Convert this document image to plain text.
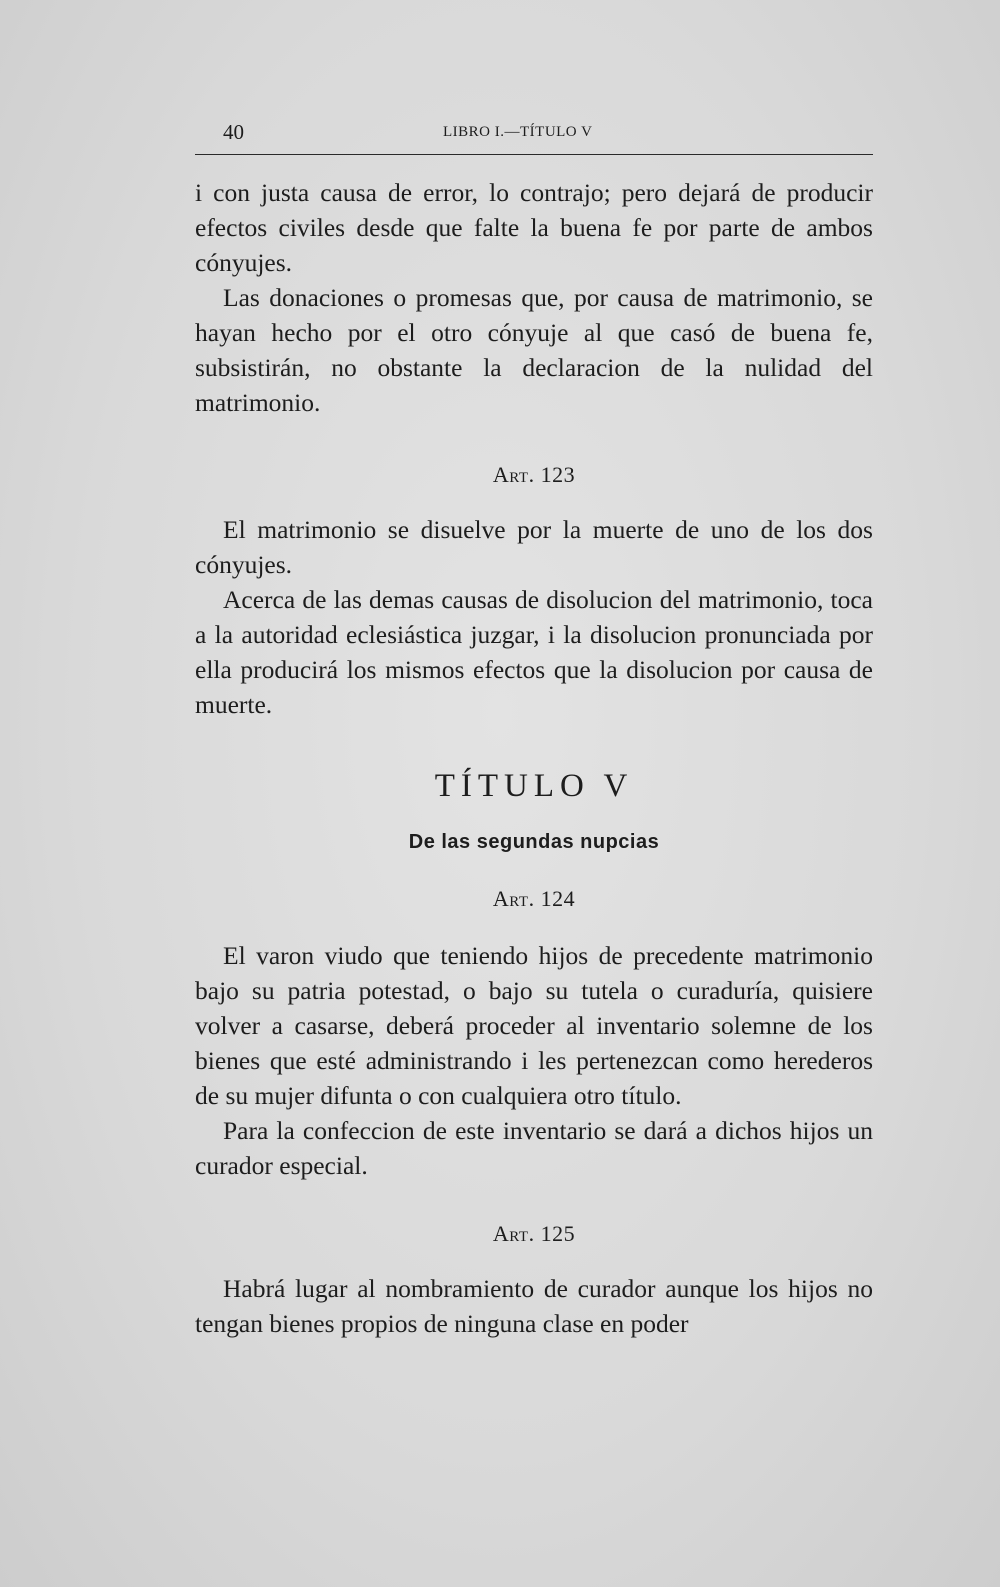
40	LIBRO I.—TÍTULO V

i con justa causa de error, lo contrajo; pero dejará de producir efectos civiles desde que falte la buena fe por parte de ambos cónyujes.

Las donaciones o promesas que, por causa de matrimonio, se hayan hecho por el otro cónyuje al que casó de buena fe, subsistirán, no obstante la declaracion de la nulidad del matrimonio.

Art. 123

El matrimonio se disuelve por la muerte de uno de los dos cónyujes.

Acerca de las demas causas de disolucion del matrimonio, toca a la autoridad eclesiástica juzgar, i la disolucion pronunciada por ella producirá los mismos efectos que la disolucion por causa de muerte.

TÍTULO V

De las segundas nupcias

Art. 124

El varon viudo que teniendo hijos de precedente matrimonio bajo su patria potestad, o bajo su tutela o curaduría, quisiere volver a casarse, deberá proceder al inventario solemne de los bienes que esté administrando i les pertenezcan como herederos de su mujer difunta o con cualquiera otro título.

Para la confeccion de este inventario se dará a dichos hijos un curador especial.

Art. 125

Habrá lugar al nombramiento de curador aunque los hijos no tengan bienes propios de ninguna clase en poder
